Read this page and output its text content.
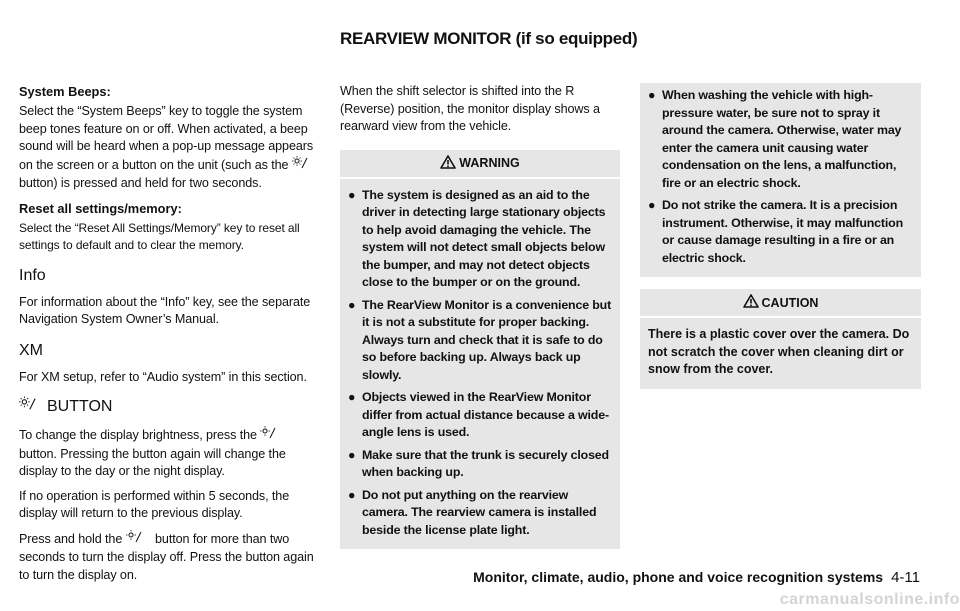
System Beeps:

Select the “System Beeps” key to toggle the system beep tones feature on or off. When activated, a beep sound will be heard when a pop-up message appears on the screen or a button on the unit (such as the  button) is pressed and held for two seconds.

Reset all settings/memory:

Select the “Reset All Settings/Memory” key to reset all settings to default and to clear the memory.

Info

For information about the “Info” key, see the separate Navigation System Owner’s Manual.

XM

For XM setup, refer to “Audio system” in this section.

BUTTON

To change the display brightness, press the  button. Pressing the button again will change the display to the day or the night display.

If no operation is performed within 5 seconds, the display will return to the previous display.

Press and hold the	button for more than two seconds to turn the display off. Press the button again to turn the display on.

REARVIEW MONITOR (if so equipped)

When the shift selector is shifted into the R (Reverse) position, the monitor display shows a rearward view from the vehicle.

WARNING
● The system is designed as an aid to the driver in detecting large stationary objects to help avoid damaging the vehicle. The system will not detect small objects below the bumper, and may not detect objects close to the bumper or on the ground.
● The RearView Monitor is a convenience but it is not a substitute for proper backing. Always turn and check that it is safe to do so before backing up. Always back up slowly.
● Objects viewed in the RearView Monitor differ from actual distance because a wide-angle lens is used.
● Make sure that the trunk is securely closed when backing up.
● Do not put anything on the rearview camera. The rearview camera is installed beside the license plate light.
● When washing the vehicle with high-pressure water, be sure not to spray it around the camera. Otherwise, water may enter the camera unit causing water condensation on the lens, a malfunction, fire or an electric shock.
● Do not strike the camera. It is a precision instrument. Otherwise, it may malfunction or cause damage resulting in a fire or an electric shock.
CAUTION

There is a plastic cover over the camera. Do not scratch the cover when cleaning dirt or snow from the cover.

Monitor, climate, audio, phone and voice recognition systems 4-11
carmanualsonline.info
